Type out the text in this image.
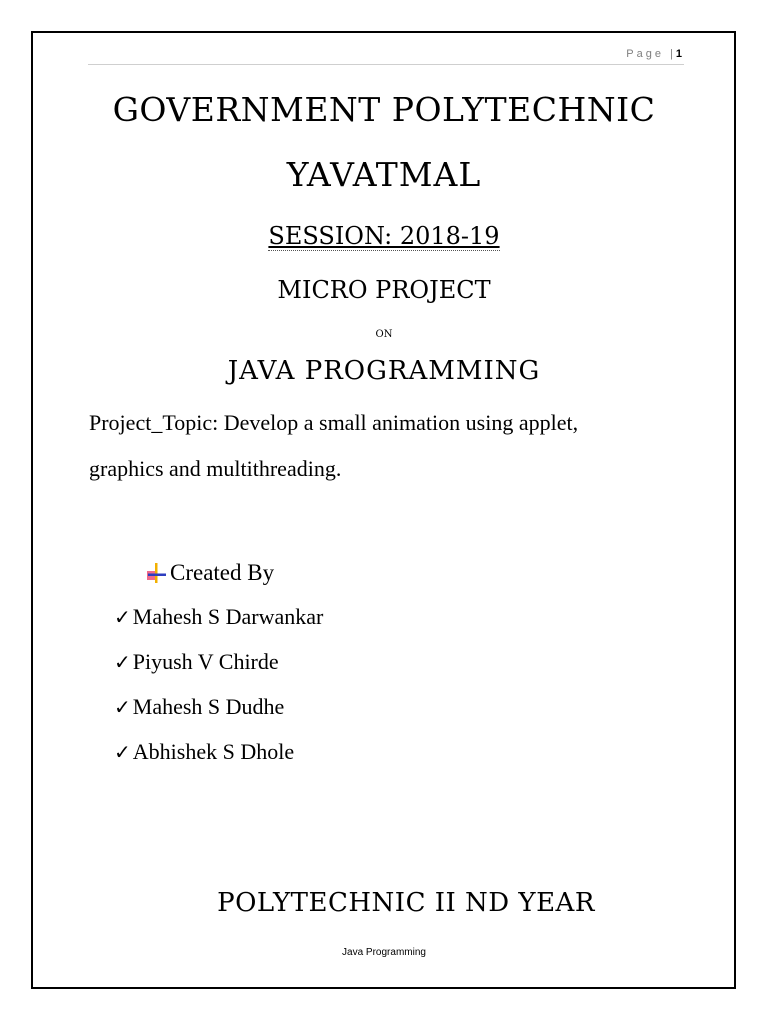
Page |1
GOVERNMENT POLYTECHNIC
YAVATMAL
SESSION: 2018-19
MICRO PROJECT
ON
JAVA PROGRAMMING
Project_Topic: Develop a small animation using applet,
graphics and multithreading.
Created By
✓ Mahesh S Darwankar
✓ Piyush V Chirde
✓ Mahesh S Dudhe
✓ Abhishek S Dhole
POLYTECHNIC II ND YEAR
Java Programming
